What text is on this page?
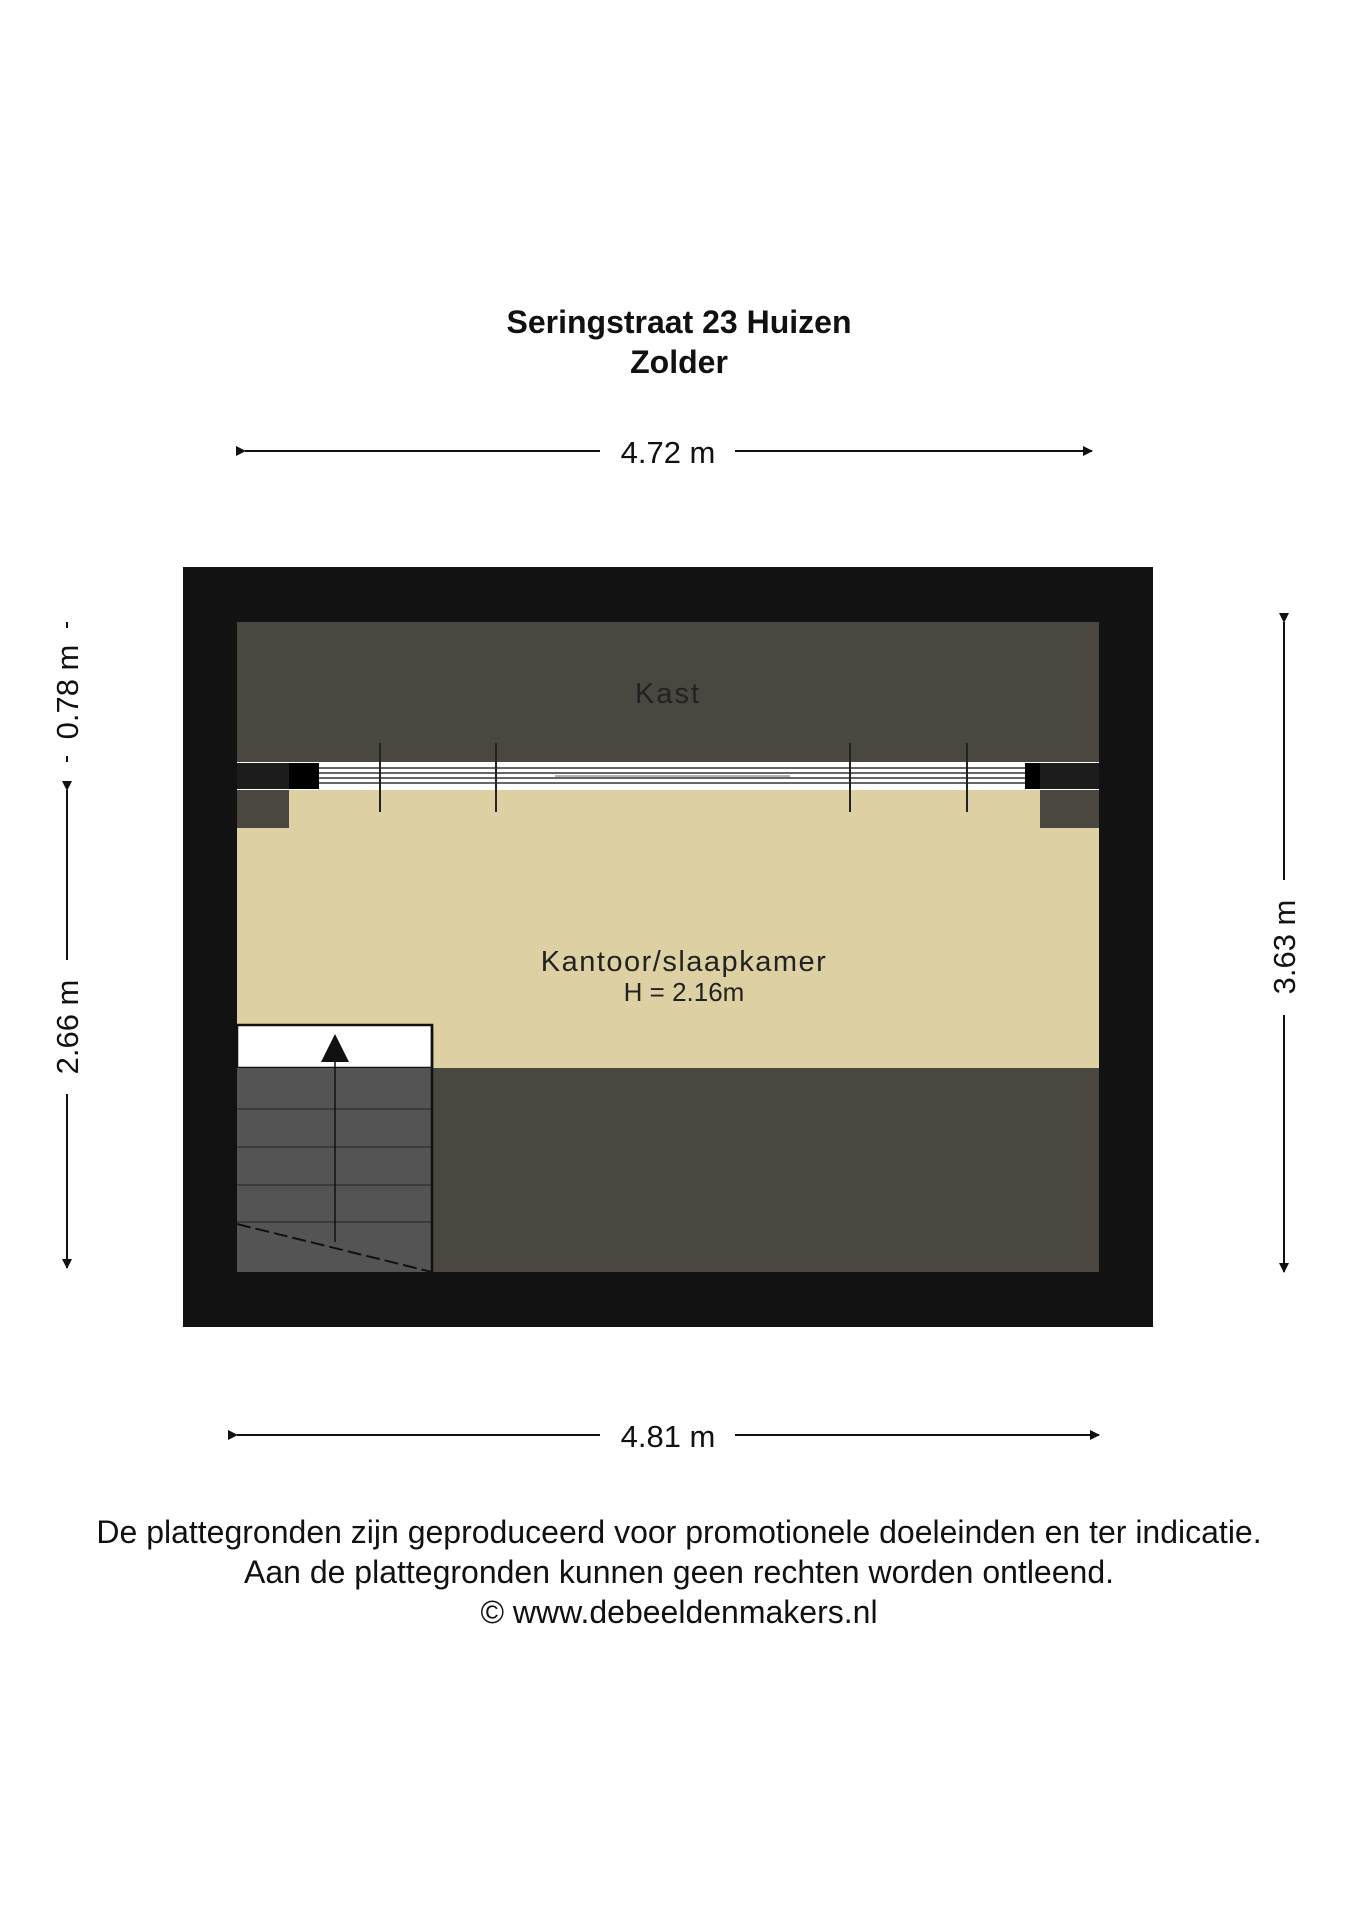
Seringstraat 23 Huizen
Zolder
4.72 m
Kast
Kantoor/slaapkamer
H = 2.16m	3.63 m
0.78 m
2.66 m
4.81 m
De plattegronden zijn geproduceerd voor promotionele doeleinden en ter indicatie.
Aan de plattegronden kunnen geen rechten worden ontleend.
© www.debeeldenmakers.nl
